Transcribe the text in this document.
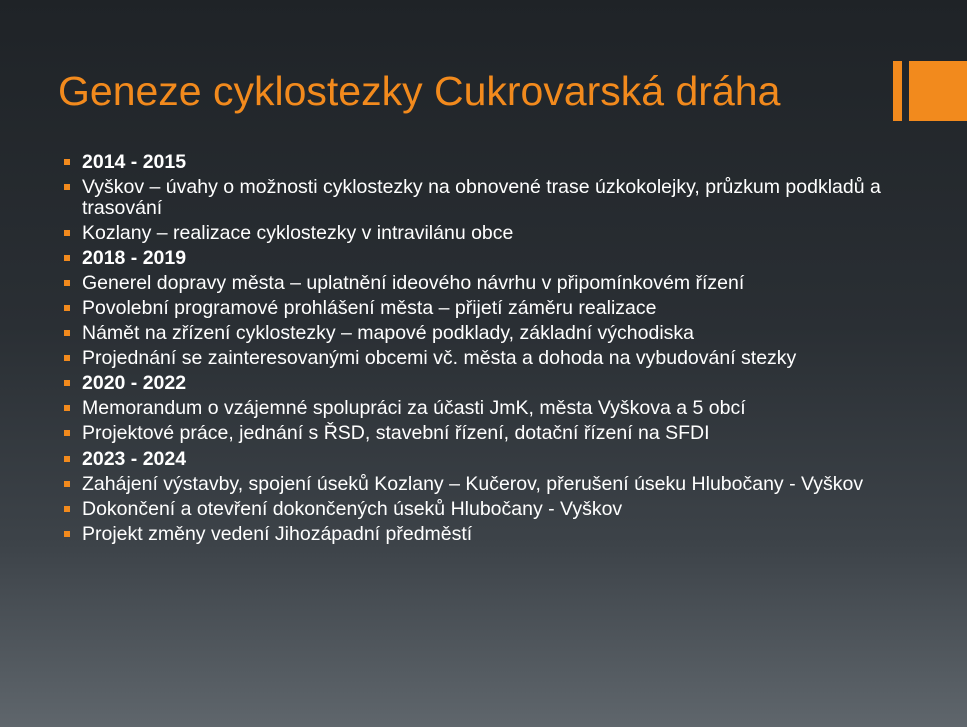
Geneze cyklostezky Cukrovarská dráha
2014 - 2015
Vyškov – úvahy o možnosti cyklostezky na obnovené trase úzkokolejky, průzkum podkladů a trasování
Kozlany – realizace cyklostezky v intravilánu obce
2018 - 2019
Generel dopravy města – uplatnění ideového návrhu v připomínkovém řízení
Povolební programové prohlášení města – přijetí záměru realizace
Námět na zřízení cyklostezky – mapové podklady, základní východiska
Projednání se zainteresovanými obcemi vč. města a dohoda na vybudování stezky
2020 - 2022
Memorandum o vzájemné spolupráci za účasti JmK, města Vyškova a 5 obcí
Projektové práce, jednání s ŘSD, stavební řízení, dotační řízení na SFDI
2023 - 2024
Zahájení výstavby, spojení úseků Kozlany – Kučerov, přerušení úseku Hlubočany - Vyškov
Dokončení a otevření dokončených úseků Hlubočany - Vyškov
Projekt změny vedení Jihozápadní předměstí
